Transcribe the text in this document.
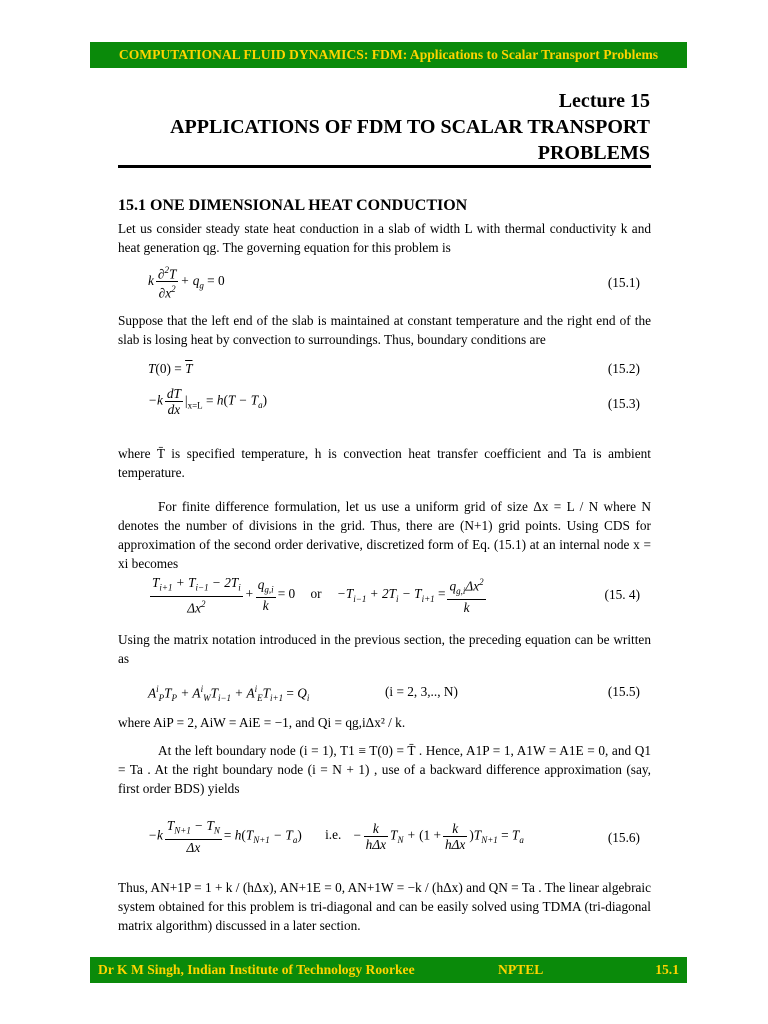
COMPUTATIONAL FLUID DYNAMICS: FDM: Applications to Scalar Transport Problems
Lecture 15
APPLICATIONS OF FDM TO SCALAR TRANSPORT
PROBLEMS
15.1 ONE DIMENSIONAL HEAT CONDUCTION
Let us consider steady state heat conduction in a slab of width L with thermal conductivity k and heat generation qg. The governing equation for this problem is
k $\frac{\partial^2T}{\partial x^2} + q_g = 0$	(15.1)
Suppose that the left end of the slab is maintained at constant temperature and the right end of the slab is losing heat by convection to surroundings. Thus, boundary conditions are
$T(0) = \overline{T}$	(15.2)
$-k \frac{dT}{dx} |_{x=L} = h(T - T_a)$	(15.3)
where T̄ is specified temperature, h is convection heat transfer coefficient and Ta is ambient temperature.
For finite difference formulation, let us use a uniform grid of size Δx = L / N where N denotes the number of divisions in the grid. Thus, there are (N+1) grid points. Using CDS for approximation of the second order derivative, discretized form of Eq. (15.1) at an internal node x = xi becomes
$\frac{T_{i+1} + T_{i-1} - 2T_i}{\Delta x^2} + \frac{q_{g,i}}{k} = 0$ or $-T_{i-1} + 2T_i - T_{i+1} = \frac{q_{g,i}\Delta x^2}{k}$	(15. 4)
Using the matrix notation introduced in the previous section, the preceding equation can be written as
$A^i_PT_P + A^i_WT_{i-1} + A^i_ET_{i+1} = Q_i$	(i = 2, 3,.., N)	(15.5)
where AiP = 2, AiW = AiE = −1, and Qi = qg,iΔx² / k.
At the left boundary node (i = 1), T1 ≡ T(0) = T̄ . Hence, A1P = 1, A1W = A1E = 0, and Q1 = Ta . At the right boundary node (i = N + 1) , use of a backward difference approximation (say, first order BDS) yields
$-k \frac{T_{N+1} - T_N}{\Delta x} = h(T_{N+1} - T_a) i.e$. − $\frac{k}{\text{hΔx}} T_N + (1 + \frac{k}{\text{hΔx}} )T_{N+1} = T_a$	(15.6)
Thus, AN+1P = 1 + k / (hΔx), AN+1E = 0, AN+1W = −k / (hΔx) and QN = Ta . The linear algebraic system obtained for this problem is tri-diagonal and can be easily solved using TDMA (tri-diagonal matrix algorithm) discussed in a later section.
Dr K M Singh, Indian Institute of Technology Roorkee	NPTEL	15.1
